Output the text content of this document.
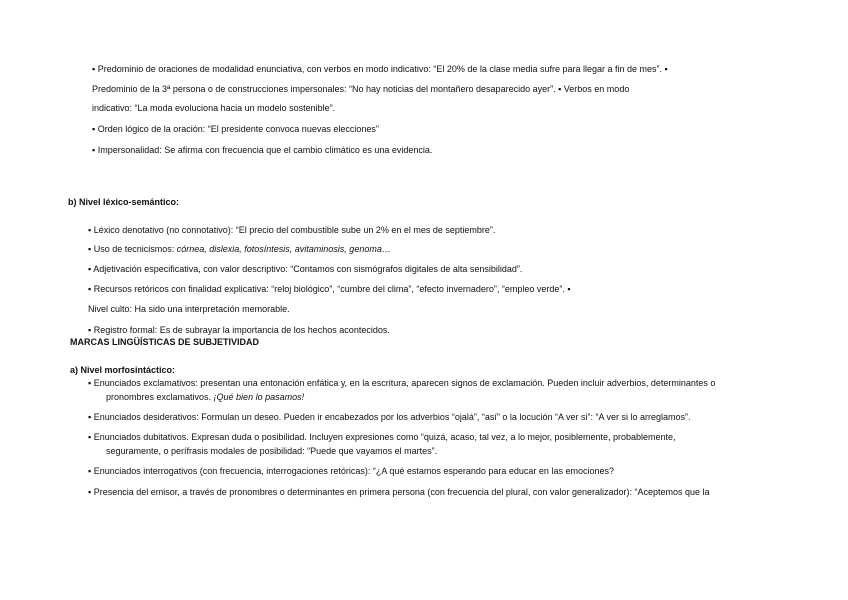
▪ Predominio de oraciones de modalidad enunciativa, con verbos en modo indicativo: “El 20% de la clase media sufre para llegar a fin de mes”. ▪
Predominio de la 3ª persona o de construcciones impersonales: “No hay noticias del montañero desaparecido ayer”. ▪ Verbos en modo
indicativo: “La moda evoluciona hacia un modelo sostenible”.
▪ Orden lógico de la oración: “El presidente convoca nuevas elecciones”
▪ Impersonalidad: Se afirma con frecuencia que el cambio climático es una evidencia.
b) Nivel léxico-semántico:
▪ Léxico denotativo (no connotativo): “El precio del combustible sube un 2% en el mes de septiembre”.
▪ Uso de tecnicismos: córnea, dislexia, fotosíntesis, avitaminosis, genoma…
▪ Adjetivación especificativa, con valor descriptivo: “Contamos con sismógrafos digitales de alta sensibilidad”.
▪ Recursos retóricos con finalidad explicativa: “reloj biológico”, “cumbre del clima”, “efecto invernadero”, “empleo verde”. ▪
Nivel culto: Ha sido una interpretación memorable.
▪ Registro formal: Es de subrayar la importancia de los hechos acontecidos.
MARCAS LINGÜÍSTICAS DE SUBJETIVIDAD
a) Nivel morfosintáctico:
▪ Enunciados exclamativos: presentan una entonación enfática y, en la escritura, aparecen signos de exclamación. Pueden incluir adverbios, determinantes o
pronombres exclamativos. ¡Qué bien lo pasamos!
▪ Enunciados desiderativos: Formulan un deseo. Pueden ir encabezados por los adverbios “ojalá”, “así” o la locución “A ver si”: “A ver si lo arreglamos”.
▪ Enunciados dubitativos. Expresan duda o posibilidad. Incluyen expresiones como “quizá, acaso, tal vez, a lo mejor, posiblemente, probablemente,
seguramente, o perífrasis modales de posibilidad: “Puede que vayamos el martes”.
▪ Enunciados interrogativos (con frecuencia, interrogaciones retóricas): “¿A qué estamos esperando para educar en las emociones?
▪ Presencia del emisor, a través de pronombres o determinantes en primera persona (con frecuencia del plural, con valor generalizador): “Aceptemos que la
